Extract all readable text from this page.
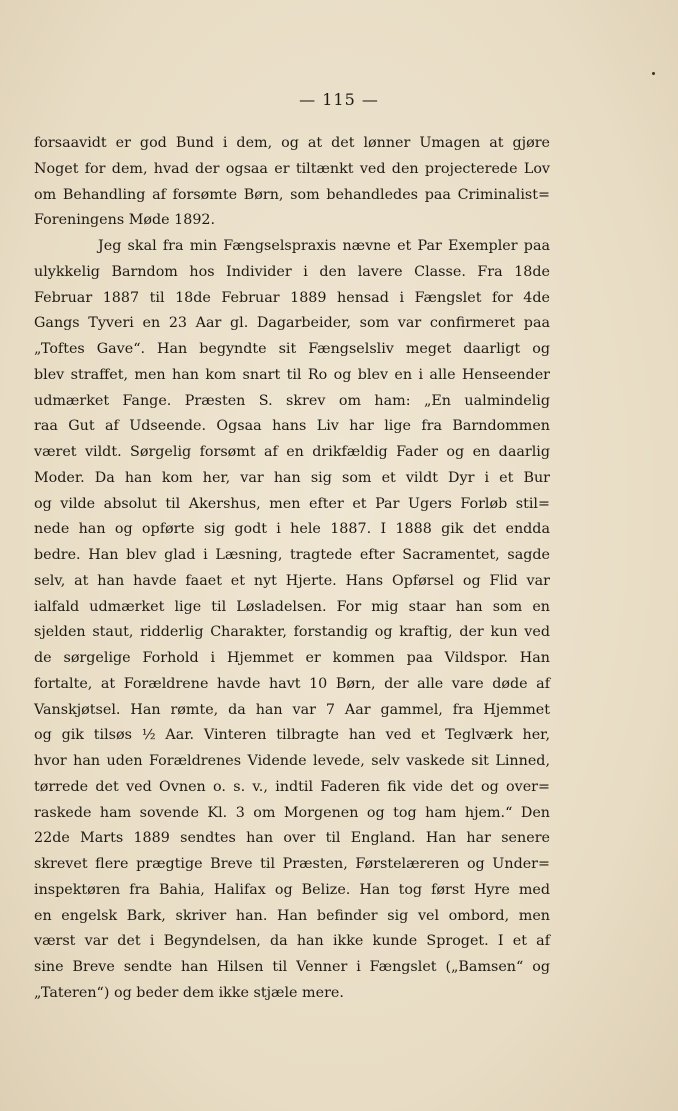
— 115 —
forsaavidt er god Bund i dem, og at det lønner Umagen at gjøre
Noget for dem, hvad der ogsaa er tiltænkt ved den projecterede Lov
om Behandling af forsømte Børn, som behandledes paa Criminalist=
Foreningens Møde 1892.
Jeg skal fra min Fængselspraxis nævne et Par Exempler paa
ulykkelig Barndom hos Individer i den lavere Classe. Fra 18de
Februar 1887 til 18de Februar 1889 hensad i Fængslet for 4de
Gangs Tyveri en 23 Aar gl. Dagarbeider, som var confirmeret paa
„Toftes Gave“. Han begyndte sit Fængselsliv meget daarligt og
blev straffet, men han kom snart til Ro og blev en i alle Henseender
udmærket Fange. Præsten S. skrev om ham: „En ualmindelig
raa Gut af Udseende. Ogsaa hans Liv har lige fra Barndommen
været vildt. Sørgelig forsømt af en drikfældig Fader og en daarlig
Moder. Da han kom her, var han sig som et vildt Dyr i et Bur
og vilde absolut til Akershus, men efter et Par Ugers Forløb stil=
nede han og opførte sig godt i hele 1887. I 1888 gik det endda
bedre. Han blev glad i Læsning, tragtede efter Sacramentet, sagde
selv, at han havde faaet et nyt Hjerte. Hans Opførsel og Flid var
ialfald udmærket lige til Løsladelsen. For mig staar han som en
sjelden staut, ridderlig Charakter, forstandig og kraftig, der kun ved
de sørgelige Forhold i Hjemmet er kommen paa Vildspor. Han
fortalte, at Forældrene havde havt 10 Børn, der alle vare døde af
Vanskjøtsel. Han rømte, da han var 7 Aar gammel, fra Hjemmet
og gik tilsøs ½ Aar. Vinteren tilbragte han ved et Teglværk her,
hvor han uden Forældrenes Vidende levede, selv vaskede sit Linned,
tørrede det ved Ovnen o. s. v., indtil Faderen fik vide det og over=
raskede ham sovende Kl. 3 om Morgenen og tog ham hjem.“ Den
22de Marts 1889 sendtes han over til England. Han har senere
skrevet flere prægtige Breve til Præsten, Førstelæreren og Under=
inspektøren fra Bahia, Halifax og Belize. Han tog først Hyre med
en engelsk Bark, skriver han. Han befinder sig vel ombord, men
værst var det i Begyndelsen, da han ikke kunde Sproget. I et af
sine Breve sendte han Hilsen til Venner i Fængslet („Bamsen“ og
„Tateren“) og beder dem ikke stjæle mere.
